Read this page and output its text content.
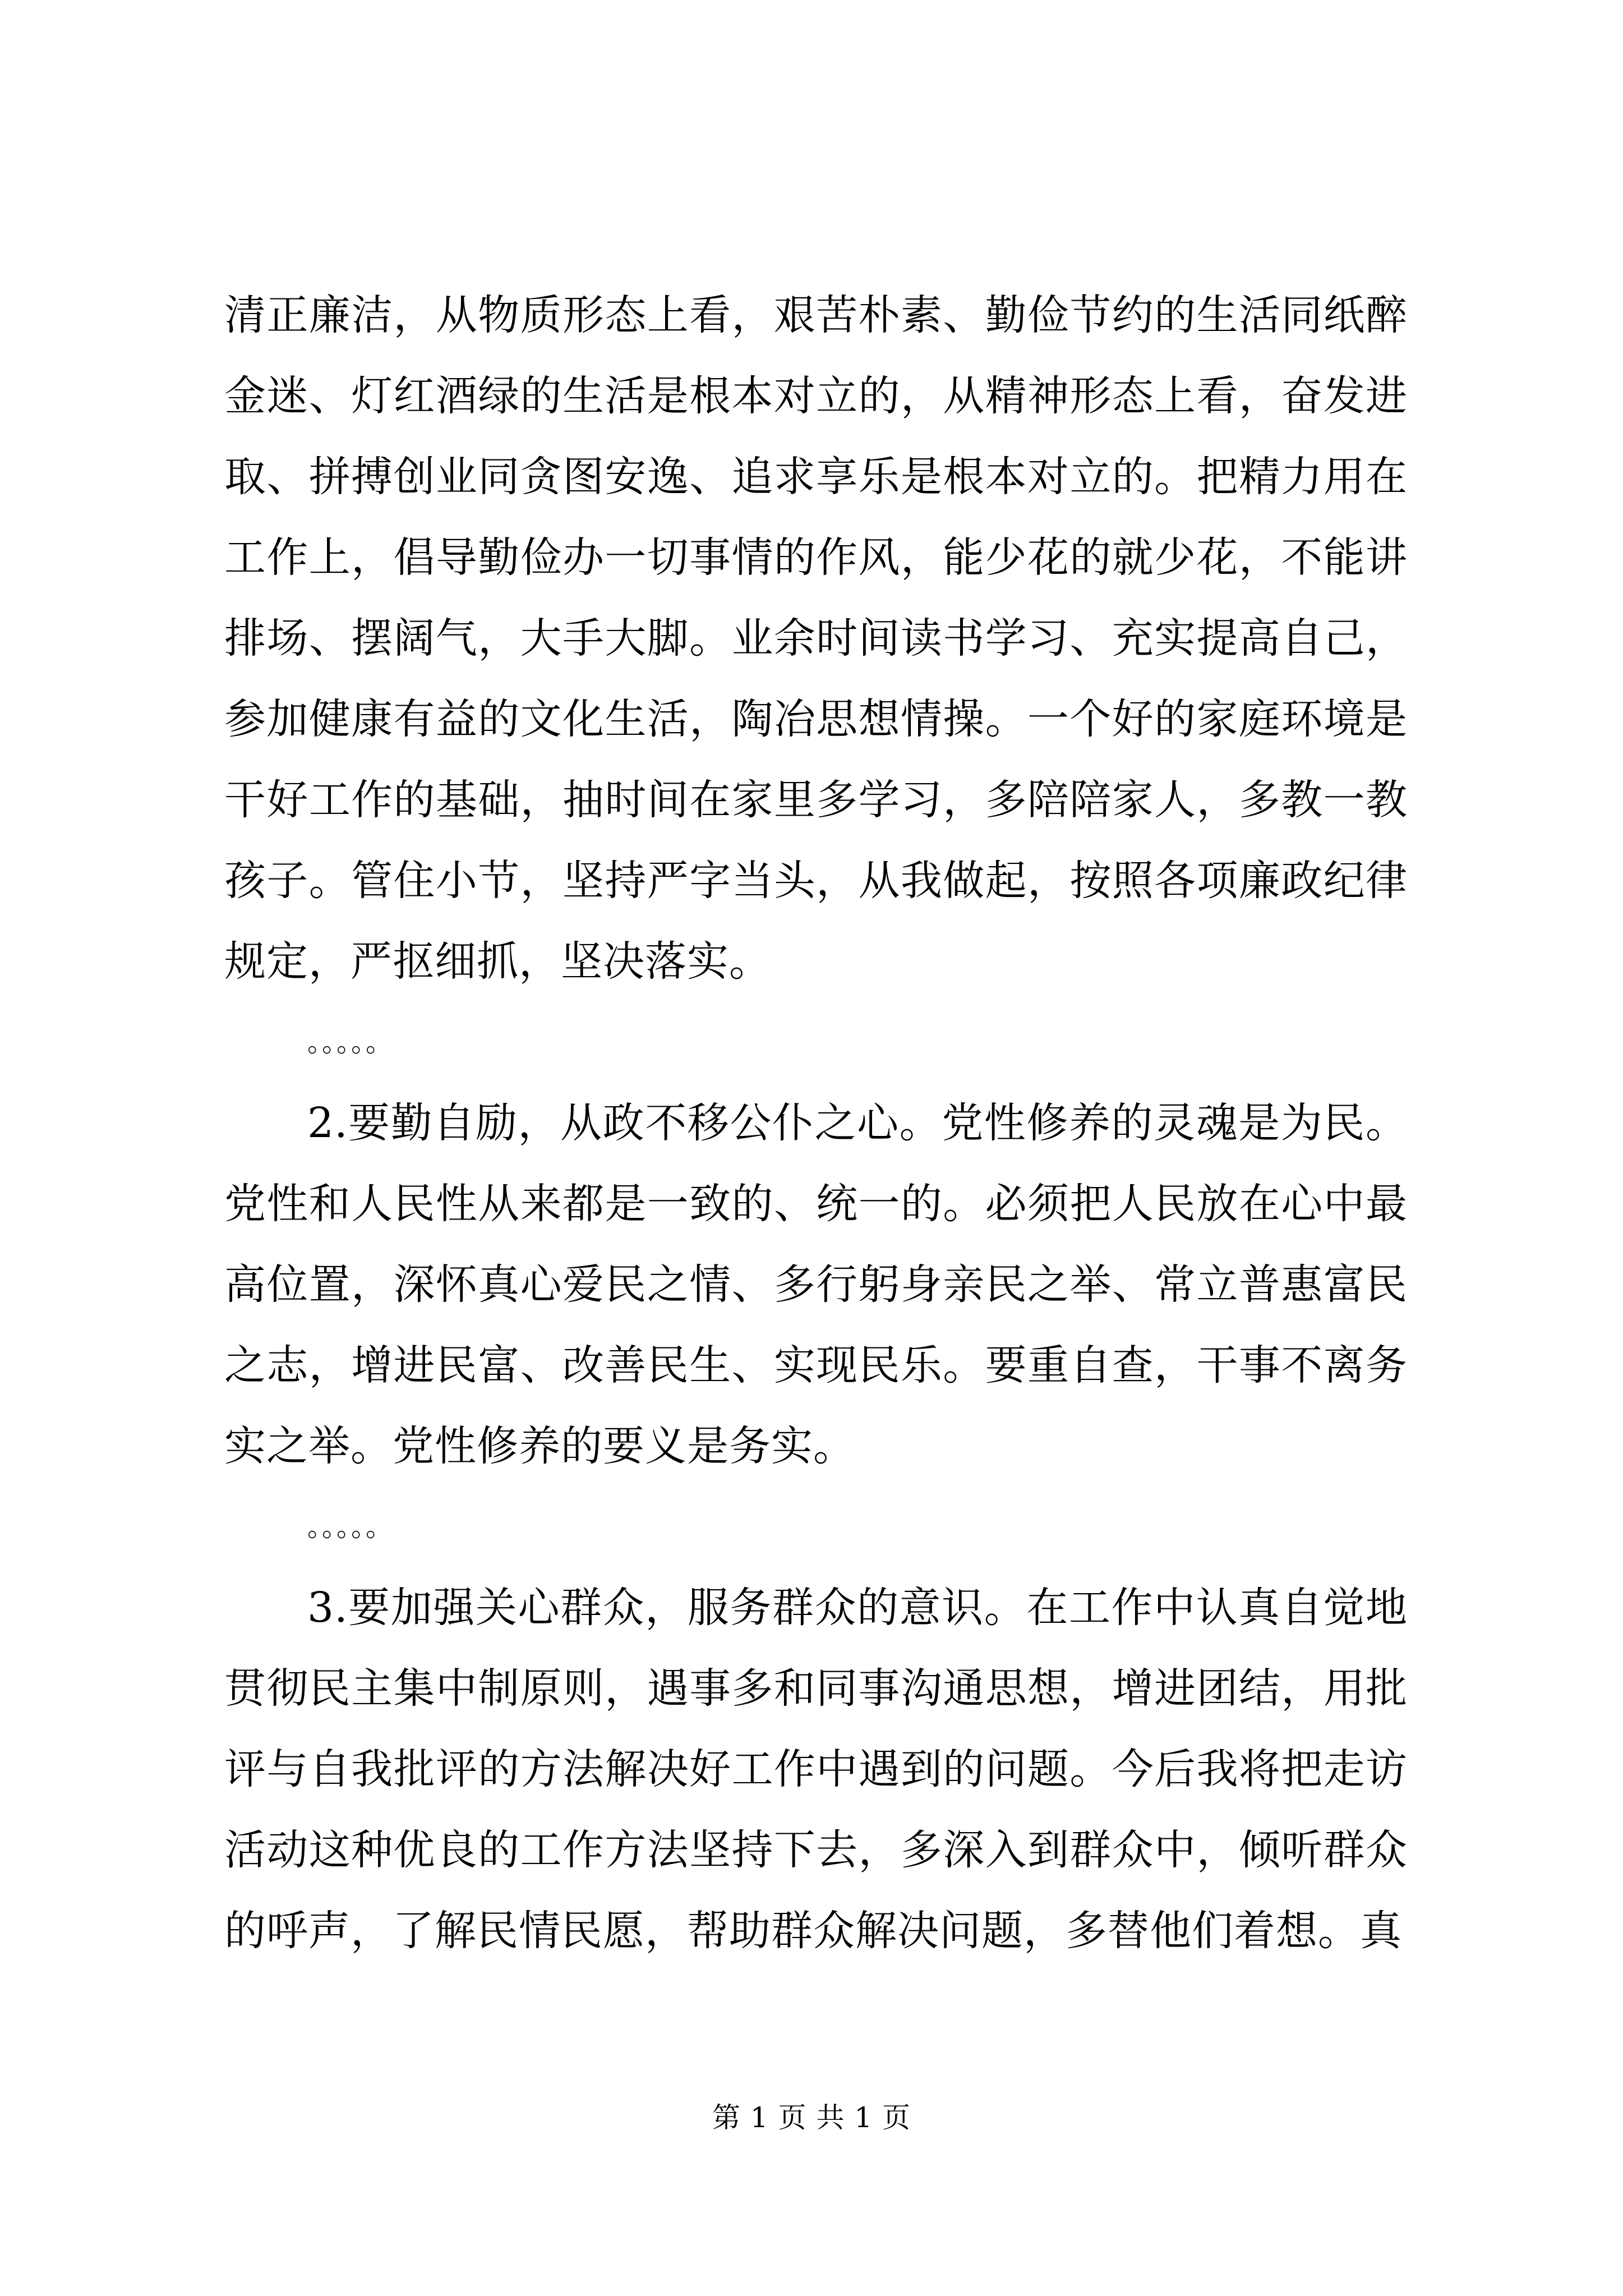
清正廉洁，从物质形态上看，艰苦朴素、勤俭节约的生活同纸醉金迷、灯红酒绿的生活是根本对立的，从精神形态上看，奋发进取、拼搏创业同贪图安逸、追求享乐是根本对立的。把精力用在工作上，倡导勤俭办一切事情的作风，能少花的就少花，不能讲排场、摆阔气，大手大脚。业余时间读书学习、充实提高自己，参加健康有益的文化生活，陶冶思想情操。一个好的家庭环境是干好工作的基础，抽时间在家里多学习，多陪陪家人，多教一教孩子。管住小节，坚持严字当头，从我做起，按照各项廉政纪律规定，严抠细抓，坚决落实。

。。。。。

2.要勤自励，从政不移公仆之心。党性修养的灵魂是为民。党性和人民性从来都是一致的、统一的。必须把人民放在心中最高位置，深怀真心爱民之情、多行躬身亲民之举、常立普惠富民之志，增进民富、改善民生、实现民乐。要重自查，干事不离务实之举。党性修养的要义是务实。

。。。。。

3.要加强关心群众，服务群众的意识。在工作中认真自觉地贯彻民主集中制原则，遇事多和同事沟通思想，增进团结，用批评与自我批评的方法解决好工作中遇到的问题。今后我将把走访活动这种优良的工作方法坚持下去，多深入到群众中，倾听群众的呼声，了解民情民愿，帮助群众解决问题，多替他们着想。真

第 1 页 共 1 页
